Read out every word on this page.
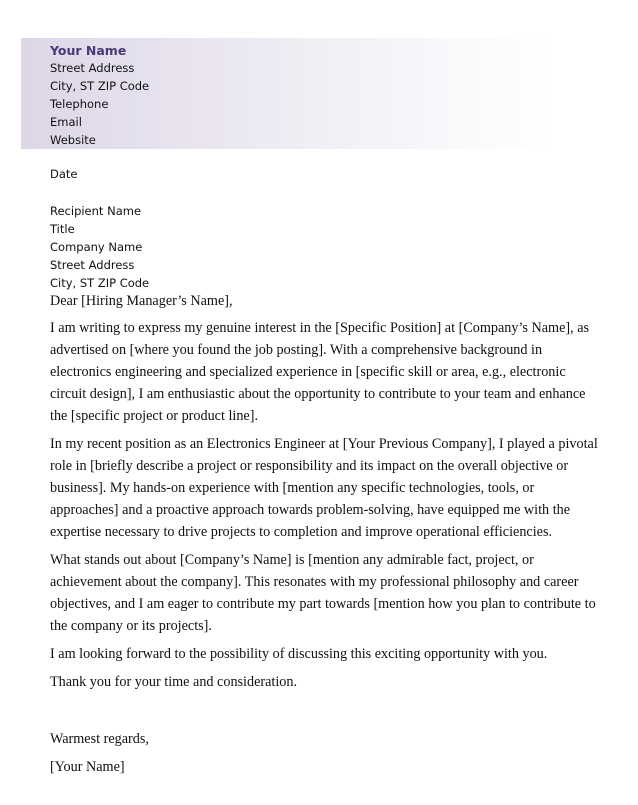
Your Name
Street Address
City, ST ZIP Code
Telephone
Email
Website
Date
Recipient Name
Title
Company Name
Street Address
City, ST ZIP Code

Dear [Hiring Manager’s Name],

I am writing to express my genuine interest in the [Specific Position] at [Company’s Name], as advertised on [where you found the job posting]. With a comprehensive background in electronics engineering and specialized experience in [specific skill or area, e.g., electronic circuit design], I am enthusiastic about the opportunity to contribute to your team and enhance the [specific project or product line].

In my recent position as an Electronics Engineer at [Your Previous Company], I played a pivotal role in [briefly describe a project or responsibility and its impact on the overall objective or business]. My hands-on experience with [mention any specific technologies, tools, or approaches] and a proactive approach towards problem-solving, have equipped me with the expertise necessary to drive projects to completion and improve operational efficiencies.

What stands out about [Company’s Name] is [mention any admirable fact, project, or achievement about the company]. This resonates with my professional philosophy and career objectives, and I am eager to contribute my part towards [mention how you plan to contribute to the company or its projects].

I am looking forward to the possibility of discussing this exciting opportunity with you.

Thank you for your time and consideration.

Warmest regards,

[Your Name]
